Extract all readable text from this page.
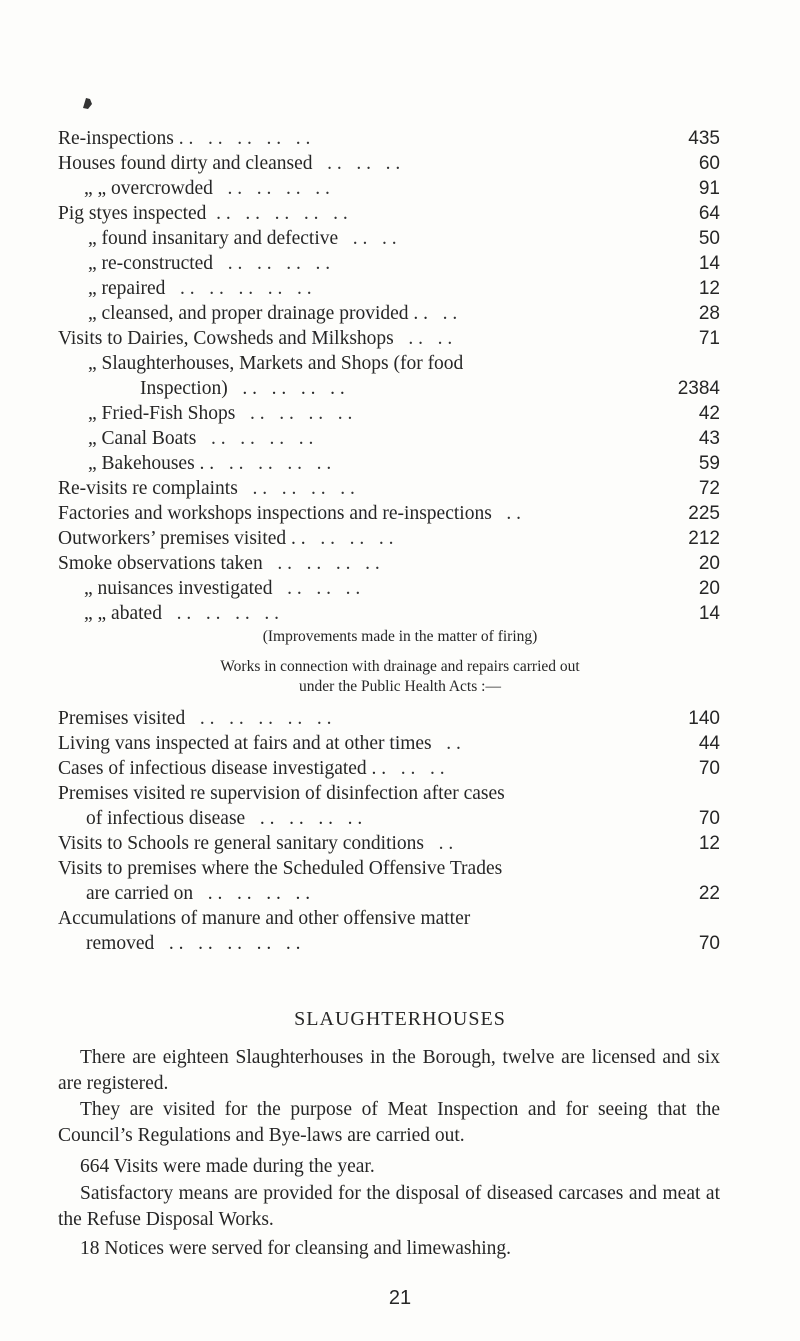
Re-inspections . .   . .   . .   . .   . .	435
Houses found dirty and cleansed   . .   . .   . .	60
„ „ overcrowded   . .   . .   . .   . .	91
Pig styes inspected  . .   . .   . .   . .   . .	64
„ found insanitary and defective   . .   . .	50
„ re-constructed   . .   . .   . .   . .	14
„ repaired   . .   . .   . .   . .   . .	12
„ cleansed, and proper drainage provided . .   . .	28
Visits to Dairies, Cowsheds and Milkshops   . .   . .	71
„ Slaughterhouses, Markets and Shops (for food
Inspection)   . .   . .   . .   . .	2384
„ Fried-Fish Shops   . .   . .   . .   . .	42
„ Canal Boats   . .   . .   . .   . .	43
„ Bakehouses . .   . .   . .   . .   . .	59
Re-visits re complaints   . .   . .   . .   . .	72
Factories and workshops inspections and re-inspections   . .	225
Outworkers’ premises visited . .   . .   . .   . .	212
Smoke observations taken   . .   . .   . .   . .	20
„ nuisances investigated   . .   . .   . .	20
„ „ abated   . .   . .   . .   . .	14
(Improvements made in the matter of firing)
Works in connection with drainage and repairs carried out
under the Public Health Acts :—
Premises visited   . .   . .   . .   . .   . .	140
Living vans inspected at fairs and at other times   . .	44
Cases of infectious disease investigated . .   . .   . .	70
Premises visited re supervision of disinfection after cases
of infectious disease   . .   . .   . .   . .	70
Visits to Schools re general sanitary conditions   . .	12
Visits to premises where the Scheduled Offensive Trades
are carried on   . .   . .   . .   . .	22
Accumulations of manure and other offensive matter
removed   . .   . .   . .   . .   . .	70
SLAUGHTERHOUSES
There are eighteen Slaughterhouses in the Borough, twelve are licensed and six are registered.
They are visited for the purpose of Meat Inspection and for seeing that the Council’s Regulations and Bye-laws are carried out.
664 Visits were made during the year.
Satisfactory means are provided for the disposal of diseased carcases and meat at the Refuse Disposal Works.
18 Notices were served for cleansing and limewashing.
21
